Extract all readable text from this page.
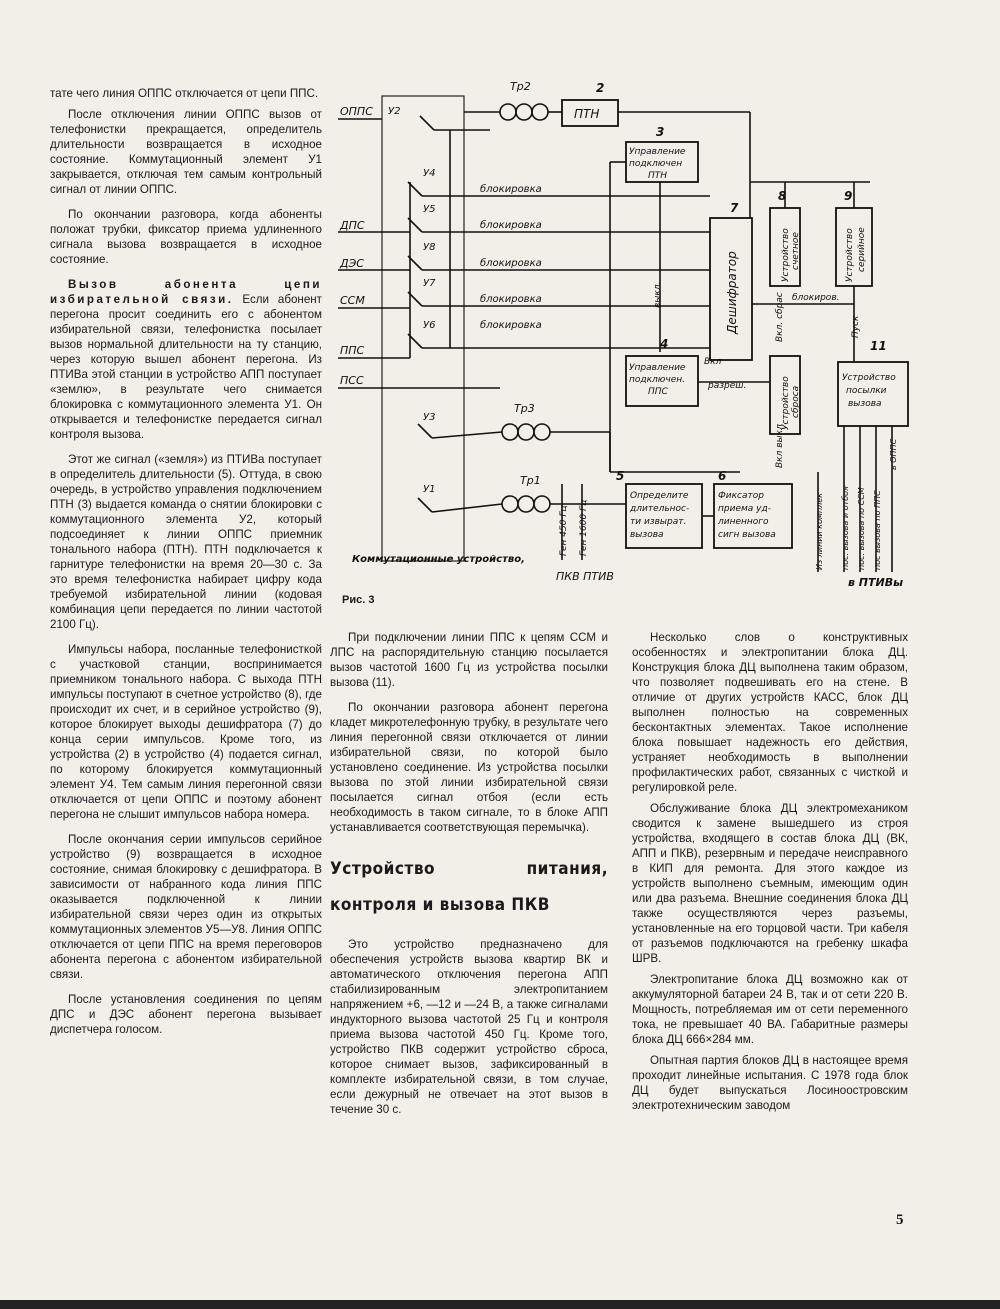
тате чего линия ОППС отключается от цепи ППС.

После отключения линии ОППС вызов от телефонистки прекращается, определитель длительности возвращается в исходное состояние. Коммутационный элемент У1 закрывается, отключая тем самым контрольный сигнал от линии ОППС.

По окончании разговора, когда абоненты положат трубки, фиксатор приема удлиненного сигнала вызова возвращается в исходное состояние.

Вызов абонента цепи избирательной связи. Если абонент перегона просит соединить его с абонентом избирательной связи, телефонистка посылает вызов нормальной длительности на ту станцию, через которую вышел абонент перегона. Из ПТИВа этой станции в устройство АПП поступает «землю», в результате чего снимается блокировка с коммутационного элемента У1. Он открывается и телефонистке передается сигнал контроля вызова.

Этот же сигнал («земля») из ПТИВа поступает в определитель длительности (5). Оттуда, в свою очередь, в устройство управления подключением ПТН (3) выдается команда о снятии блокировки с коммутационного элемента У2, который подсоединяет к линии ОППС приемник тонального набора (ПТН). ПТН подключается к гарнитуре телефонистки на время 20—30 с. За это время телефонистка набирает цифру кода требуемой избирательной линии (кодовая комбинация цепи передается по линии частотой 2100 Гц).

Импульсы набора, посланные телефонисткой с участковой станции, воспринимается приемником тонального набора. С выхода ПТН импульсы поступают в счетное устройство (8), где происходит их счет, и в серийное устройство (9), которое блокирует выходы дешифратора (7) до конца серии импульсов. Кроме того, из устройства (2) в устройство (4) подается сигнал, по которому блокируется коммутационный элемент У4. Тем самым линия перегонной связи отключается от цепи ОППС и поэтому абонент перегона не слышит импульсов набора номера.

После окончания серии импульсов серийное устройство (9) возвращается в исходное состояние, снимая блокировку с дешифратора. В зависимости от набранного кода линия ППС оказывается подключенной к линии избирательной связи через один из открытых коммутационных элементов У5—У8. Линия ОППС отключается от цепи ППС на время переговоров абонента перегона с абонентом избирательной связи.

После установления соединения по цепям ДПС и ДЭС абонент перегона вызывает диспетчера голосом.

ОППС
ДПС
ДЭС
ССМ
ППС
ПСС
Коммутационные устройство,
У2
У4
У5
У8
У7
У6
У3
У1
Тр2
ПТН
2
3
Управление
подключен
ПТН
блокировка
блокировка
блокировка
блокировка
блокировка
7
Дешифратор
выкл.
4
Управление
подключен.
ППС
Вкл
разреш.
8
Устройство счетное
9
Устройство серийное
блокиров.
Пуск
Вкл. сбрас
Устройство сброса
Вкл выкл
11
Устройство
посылки
вызова
Тр3
Тр1
Ген 450 Гц Ген 1600 Гц
ПКВ ПТИВ
5
Определите
длительнос-
ти извырат.
вызова
6
Фиксатор
приема уд-
линенного
сигн вызова	Из линии комплек пос. вызова и отбоя пос. вызова по ССМ пос вызова по ППС
в ОППС
в ПТИВы
Рис. 3

При подключении линии ППС к цепям ССМ и ЛПС на распорядительную станцию посылается вызов частотой 1600 Гц из устройства посылки вызова (11).

По окончании разговора абонент перегона кладет микротелефонную трубку, в результате чего линия перегонной связи отключается от линии избирательной связи, по которой было установлено соединение. Из устройства посылки вызова по этой линии избирательной связи посылается сигнал отбоя (если есть необходимость в таком сигнале, то в блоке АПП устанавливается соответствующая перемычка).

Устройство питания, контроля и вызова ПКВ

Это устройство предназначено для обеспечения устройств вызова квартир ВК и автоматического отключения перегона АПП стабилизированным электропитанием напряжением +6, —12 и —24 В, а также сигналами индукторного вызова частотой 25 Гц и контроля приема вызова частотой 450 Гц. Кроме того, устройство ПКВ содержит устройство сброса, которое снимает вызов, зафиксированный в комплекте избирательной связи, в том случае, если дежурный не отвечает на этот вызов в течение 30 с.

Несколько слов о конструктивных особенностях и электропитании блока ДЦ. Конструкция блока ДЦ выполнена таким образом, что позволяет подвешивать его на стене. В отличие от других устройств КАСС, блок ДЦ выполнен полностью на современных бесконтактных элементах. Такое исполнение блока повышает надежность его действия, устраняет необходимость в выполнении профилактических работ, связанных с чисткой и регулировкой реле.

Обслуживание блока ДЦ электромехаником сводится к замене вышедшего из строя устройства, входящего в состав блока ДЦ (ВК, АПП и ПКВ), резервным и передаче неисправного в КИП для ремонта. Для этого каждое из устройств выполнено съемным, имеющим один или два разъема. Внешние соединения блока ДЦ также осуществляются через разъемы, установленные на его торцовой части. Три кабеля от разъемов подключаются на гребенку шкафа ШРВ.

Электропитание блока ДЦ возможно как от аккумуляторной батареи 24 В, так и от сети 220 В. Мощность, потребляемая им от сети переменного тока, не превышает 40 ВА. Габаритные размеры блока ДЦ 666×284 мм.

Опытная партия блоков ДЦ в настоящее время проходит линейные испытания. С 1978 года блок ДЦ будет выпускаться Лосиноостровским электротехническим заводом

5
